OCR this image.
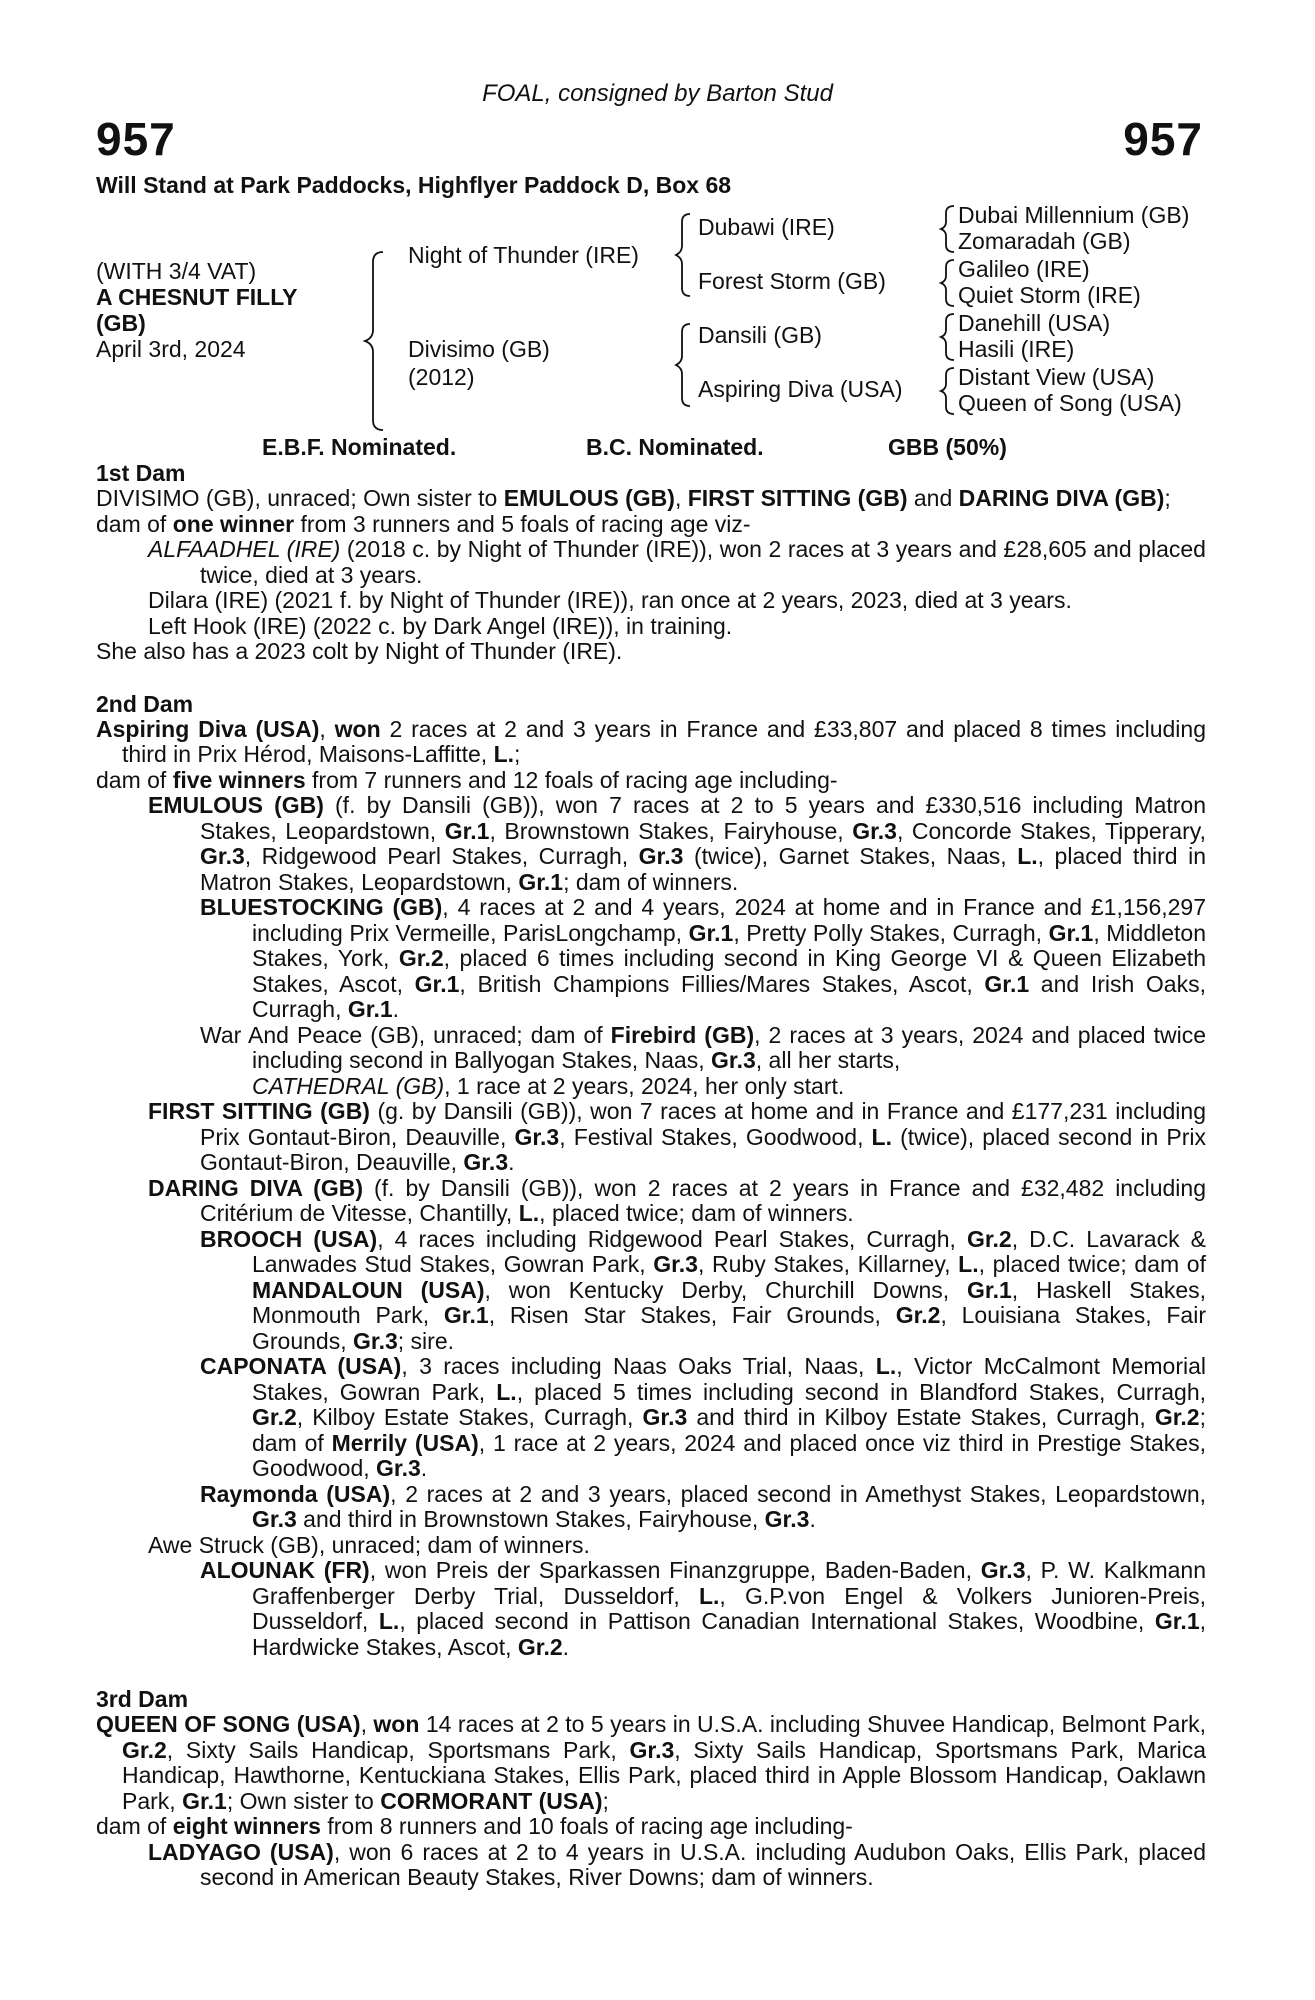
FOAL, consigned by Barton Stud
957	957
Will Stand at Park Paddocks, Highflyer Paddock D, Box 68
(WITH 3/4 VAT)
A CHESNUT FILLY
(GB)
April 3rd, 2024
Night of Thunder (IRE)
Divisimo (GB)
(2012)
Dubawi (IRE)
Forest Storm (GB)
Dansili (GB)
Aspiring Diva (USA)
Dubai Millennium (GB)
Zomaradah (GB)
Galileo (IRE)
Quiet Storm (IRE)
Danehill (USA)
Hasili (IRE)
Distant View (USA)
Queen of Song (USA)
E.B.F. Nominated.	B.C. Nominated.	GBB (50%)
1st Dam
DIVISIMO (GB), unraced; Own sister to EMULOUS (GB), FIRST SITTING (GB) and DARING DIVA (GB);
dam of one winner from 3 runners and 5 foals of racing age viz-
ALFAADHEL (IRE) (2018 c. by Night of Thunder (IRE)), won 2 races at 3 years and £28,605 and placed twice, died at 3 years.
Dilara (IRE) (2021 f. by Night of Thunder (IRE)), ran once at 2 years, 2023, died at 3 years.
Left Hook (IRE) (2022 c. by Dark Angel (IRE)), in training.
She also has a 2023 colt by Night of Thunder (IRE).
2nd Dam
Aspiring Diva (USA), won 2 races at 2 and 3 years in France and £33,807 and placed 8 times including third in Prix Hérod, Maisons-Laffitte, L.;
dam of five winners from 7 runners and 12 foals of racing age including-
EMULOUS (GB) (f. by Dansili (GB)), won 7 races at 2 to 5 years and £330,516 including Matron Stakes, Leopardstown, Gr.1, Brownstown Stakes, Fairyhouse, Gr.3, Concorde Stakes, Tipperary, Gr.3, Ridgewood Pearl Stakes, Curragh, Gr.3 (twice), Garnet Stakes, Naas, L., placed third in Matron Stakes, Leopardstown, Gr.1; dam of winners.
BLUESTOCKING (GB), 4 races at 2 and 4 years, 2024 at home and in France and £1,156,297 including Prix Vermeille, ParisLongchamp, Gr.1, Pretty Polly Stakes, Curragh, Gr.1, Middleton Stakes, York, Gr.2, placed 6 times including second in King George VI & Queen Elizabeth Stakes, Ascot, Gr.1, British Champions Fillies/Mares Stakes, Ascot, Gr.1 and Irish Oaks, Curragh, Gr.1.
War And Peace (GB), unraced; dam of Firebird (GB), 2 races at 3 years, 2024 and placed twice including second in Ballyogan Stakes, Naas, Gr.3, all her starts,
CATHEDRAL (GB), 1 race at 2 years, 2024, her only start.
FIRST SITTING (GB) (g. by Dansili (GB)), won 7 races at home and in France and £177,231 including Prix Gontaut-Biron, Deauville, Gr.3, Festival Stakes, Goodwood, L. (twice), placed second in Prix Gontaut-Biron, Deauville, Gr.3.
DARING DIVA (GB) (f. by Dansili (GB)), won 2 races at 2 years in France and £32,482 including Critérium de Vitesse, Chantilly, L., placed twice; dam of winners.
BROOCH (USA), 4 races including Ridgewood Pearl Stakes, Curragh, Gr.2, D.C. Lavarack & Lanwades Stud Stakes, Gowran Park, Gr.3, Ruby Stakes, Killarney, L., placed twice; dam of MANDALOUN (USA), won Kentucky Derby, Churchill Downs, Gr.1, Haskell Stakes, Monmouth Park, Gr.1, Risen Star Stakes, Fair Grounds, Gr.2, Louisiana Stakes, Fair Grounds, Gr.3; sire.
CAPONATA (USA), 3 races including Naas Oaks Trial, Naas, L., Victor McCalmont Memorial Stakes, Gowran Park, L., placed 5 times including second in Blandford Stakes, Curragh, Gr.2, Kilboy Estate Stakes, Curragh, Gr.3 and third in Kilboy Estate Stakes, Curragh, Gr.2; dam of Merrily (USA), 1 race at 2 years, 2024 and placed once viz third in Prestige Stakes, Goodwood, Gr.3.
Raymonda (USA), 2 races at 2 and 3 years, placed second in Amethyst Stakes, Leopardstown, Gr.3 and third in Brownstown Stakes, Fairyhouse, Gr.3.
Awe Struck (GB), unraced; dam of winners.
ALOUNAK (FR), won Preis der Sparkassen Finanzgruppe, Baden-Baden, Gr.3, P. W. Kalkmann Graffenberger Derby Trial, Dusseldorf, L., G.P.von Engel & Volkers Junioren-Preis, Dusseldorf, L., placed second in Pattison Canadian International Stakes, Woodbine, Gr.1, Hardwicke Stakes, Ascot, Gr.2.
3rd Dam
QUEEN OF SONG (USA), won 14 races at 2 to 5 years in U.S.A. including Shuvee Handicap, Belmont Park, Gr.2, Sixty Sails Handicap, Sportsmans Park, Gr.3, Sixty Sails Handicap, Sportsmans Park, Marica Handicap, Hawthorne, Kentuckiana Stakes, Ellis Park, placed third in Apple Blossom Handicap, Oaklawn Park, Gr.1; Own sister to CORMORANT (USA);
dam of eight winners from 8 runners and 10 foals of racing age including-
LADYAGO (USA), won 6 races at 2 to 4 years in U.S.A. including Audubon Oaks, Ellis Park, placed second in American Beauty Stakes, River Downs; dam of winners.
